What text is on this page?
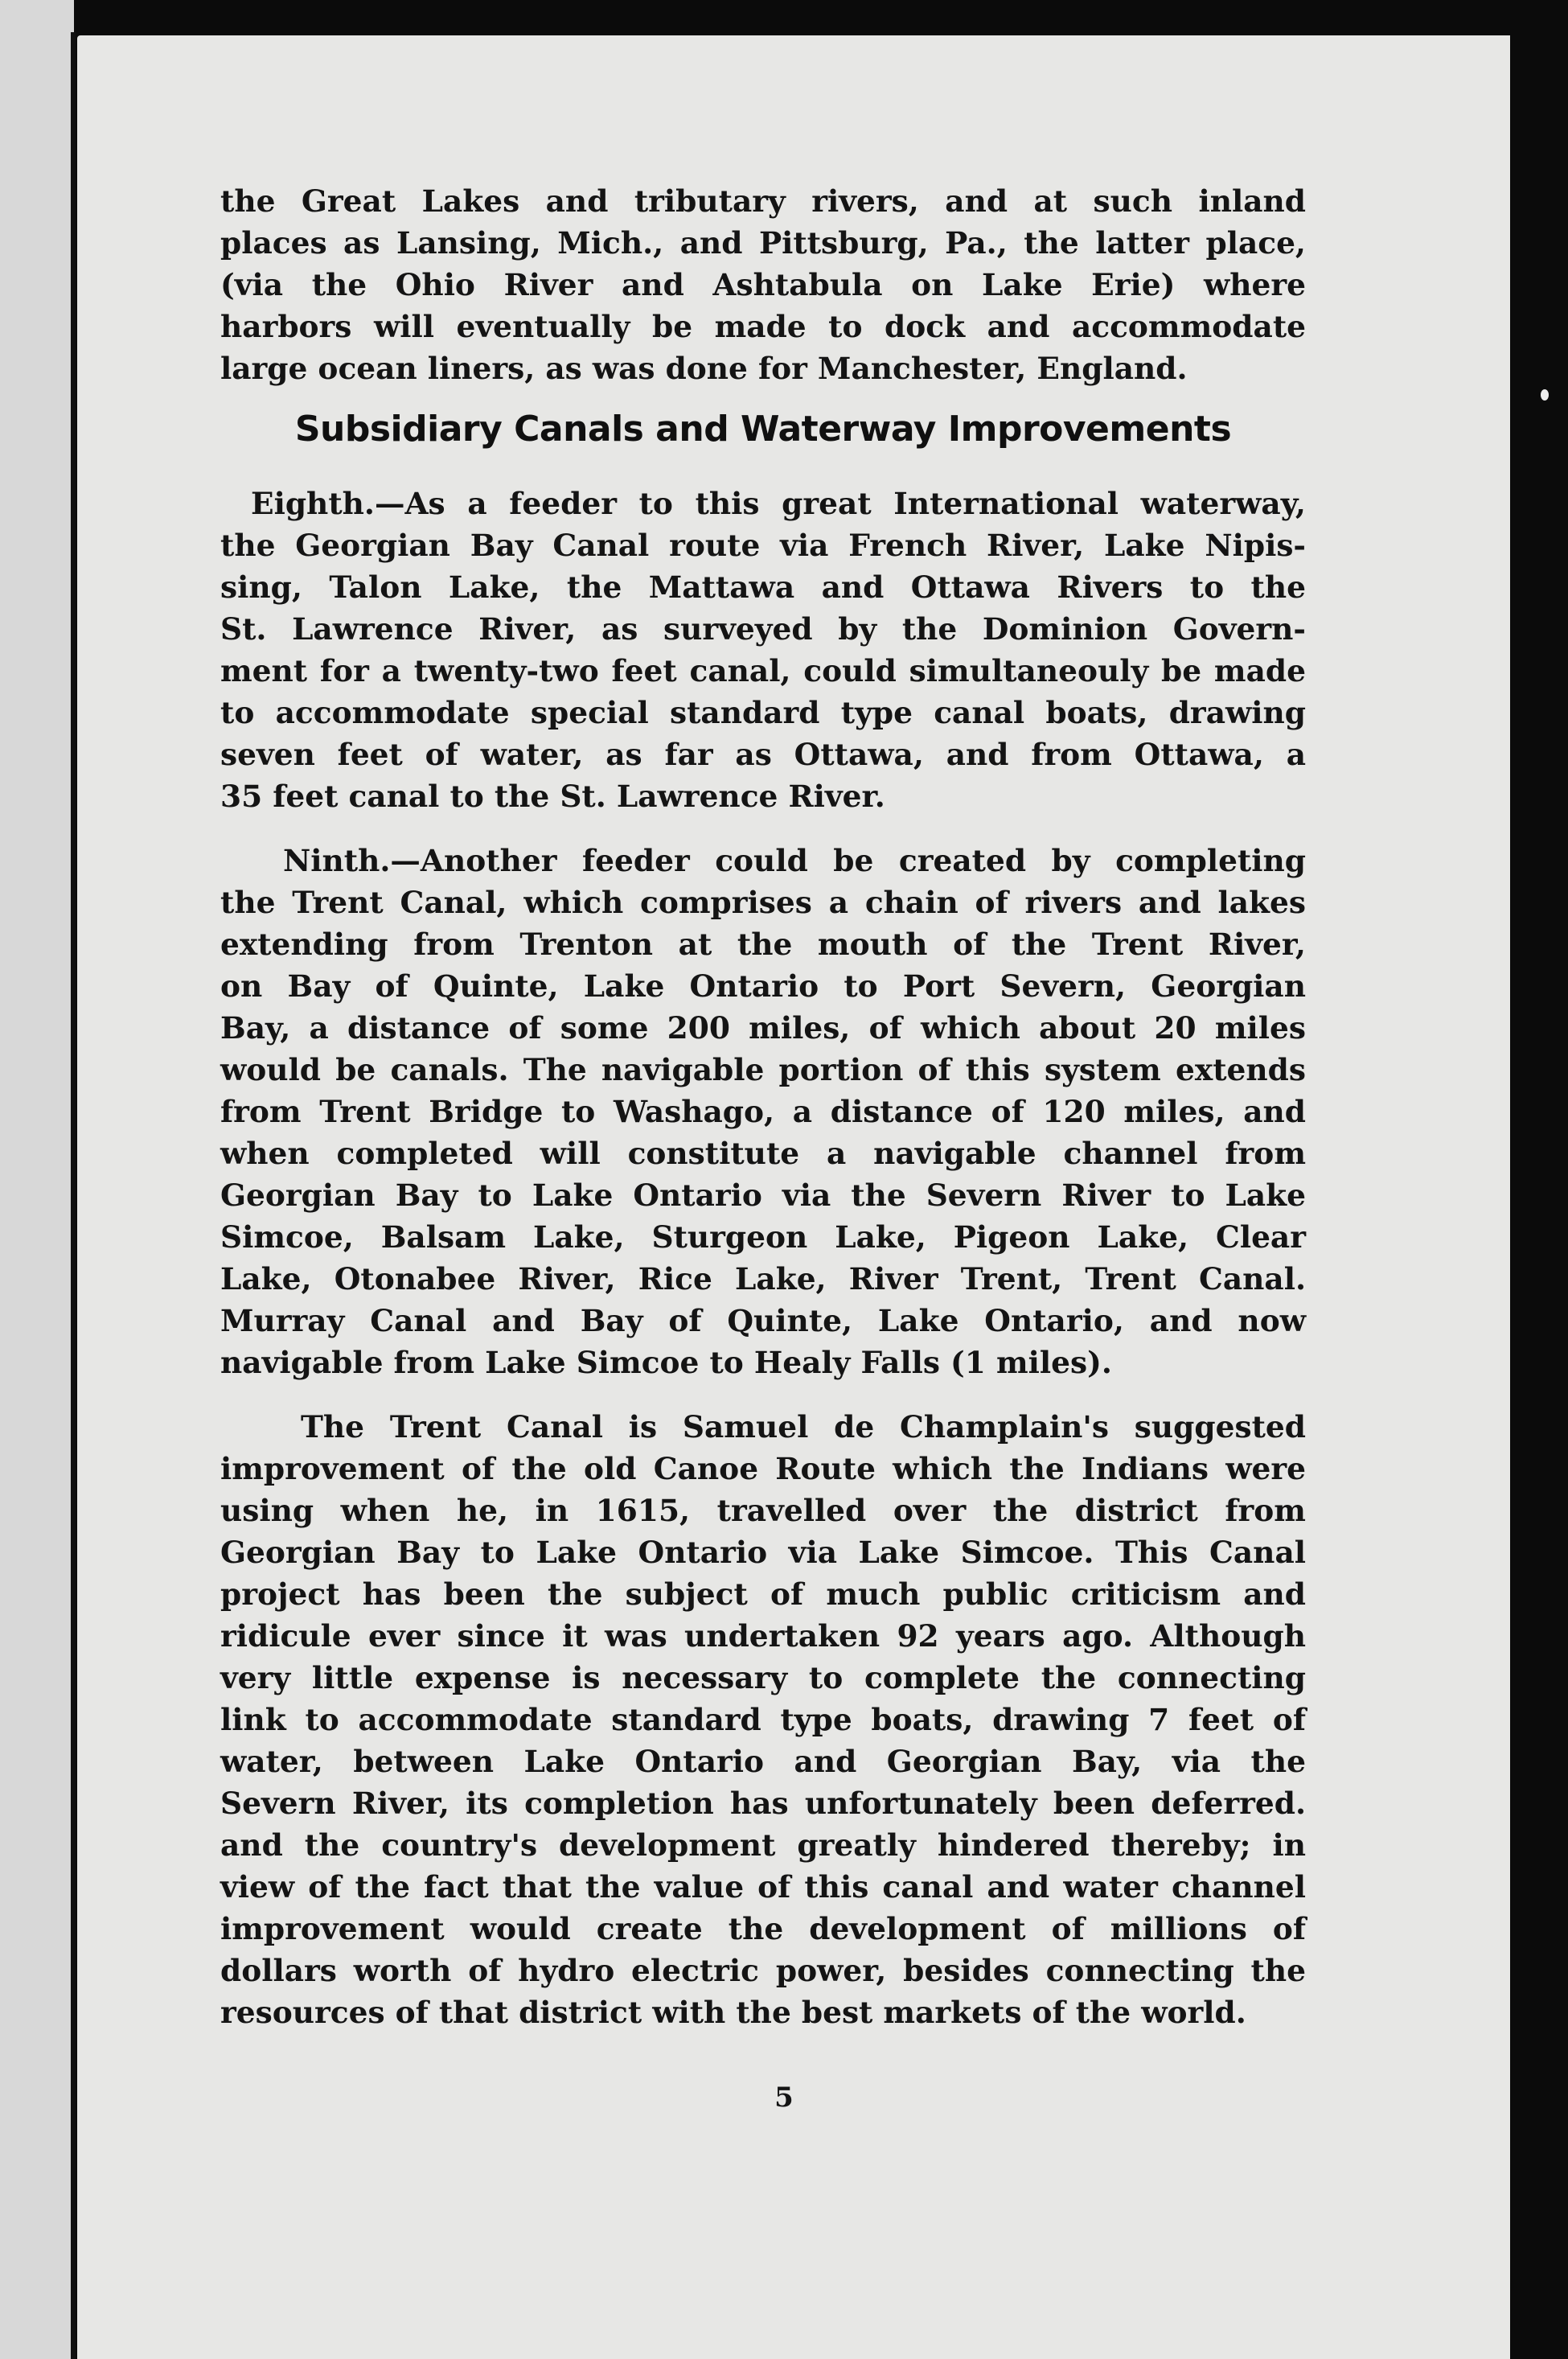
the Great Lakes and tributary rivers, and at such inland
places as Lansing, Mich., and Pittsburg, Pa., the latter place,
(via the Ohio River and Ashtabula on Lake Erie) where
harbors will eventually be made to dock and accommodate
large ocean liners, as was done for Manchester, England.

Subsidiary Canals and Waterway Improvements

Eighth.—As a feeder to this great International waterway,
the Georgian Bay Canal route via French River, Lake Nipis-
sing, Talon Lake, the Mattawa and Ottawa Rivers to the
St. Lawrence River, as surveyed by the Dominion Govern-
ment for a twenty-two feet canal, could simultaneouly be made
to accommodate special standard type canal boats, drawing
seven feet of water, as far as Ottawa, and from Ottawa, a
35 feet canal to the St. Lawrence River.

Ninth.—Another feeder could be created by completing
the Trent Canal, which comprises a chain of rivers and lakes
extending from Trenton at the mouth of the Trent River,
on Bay of Quinte, Lake Ontario to Port Severn, Georgian
Bay, a distance of some 200 miles, of which about 20 miles
would be canals. The navigable portion of this system extends
from Trent Bridge to Washago, a distance of 120 miles, and
when completed will constitute a navigable channel from
Georgian Bay to Lake Ontario via the Severn River to Lake
Simcoe, Balsam Lake, Sturgeon Lake, Pigeon Lake, Clear
Lake, Otonabee River, Rice Lake, River Trent, Trent Canal.
Murray Canal and Bay of Quinte, Lake Ontario, and now
navigable from Lake Simcoe to Healy Falls (1 miles).

The Trent Canal is Samuel de Champlain's suggested
improvement of the old Canoe Route which the Indians were
using when he, in 1615, travelled over the district from
Georgian Bay to Lake Ontario via Lake Simcoe. This Canal
project has been the subject of much public criticism and
ridicule ever since it was undertaken 92 years ago. Although
very little expense is necessary to complete the connecting
link to accommodate standard type boats, drawing 7 feet of
water, between Lake Ontario and Georgian Bay, via the
Severn River, its completion has unfortunately been deferred.
and the country's development greatly hindered thereby; in
view of the fact that the value of this canal and water channel
improvement would create the development of millions of
dollars worth of hydro electric power, besides connecting the
resources of that district with the best markets of the world.

5
